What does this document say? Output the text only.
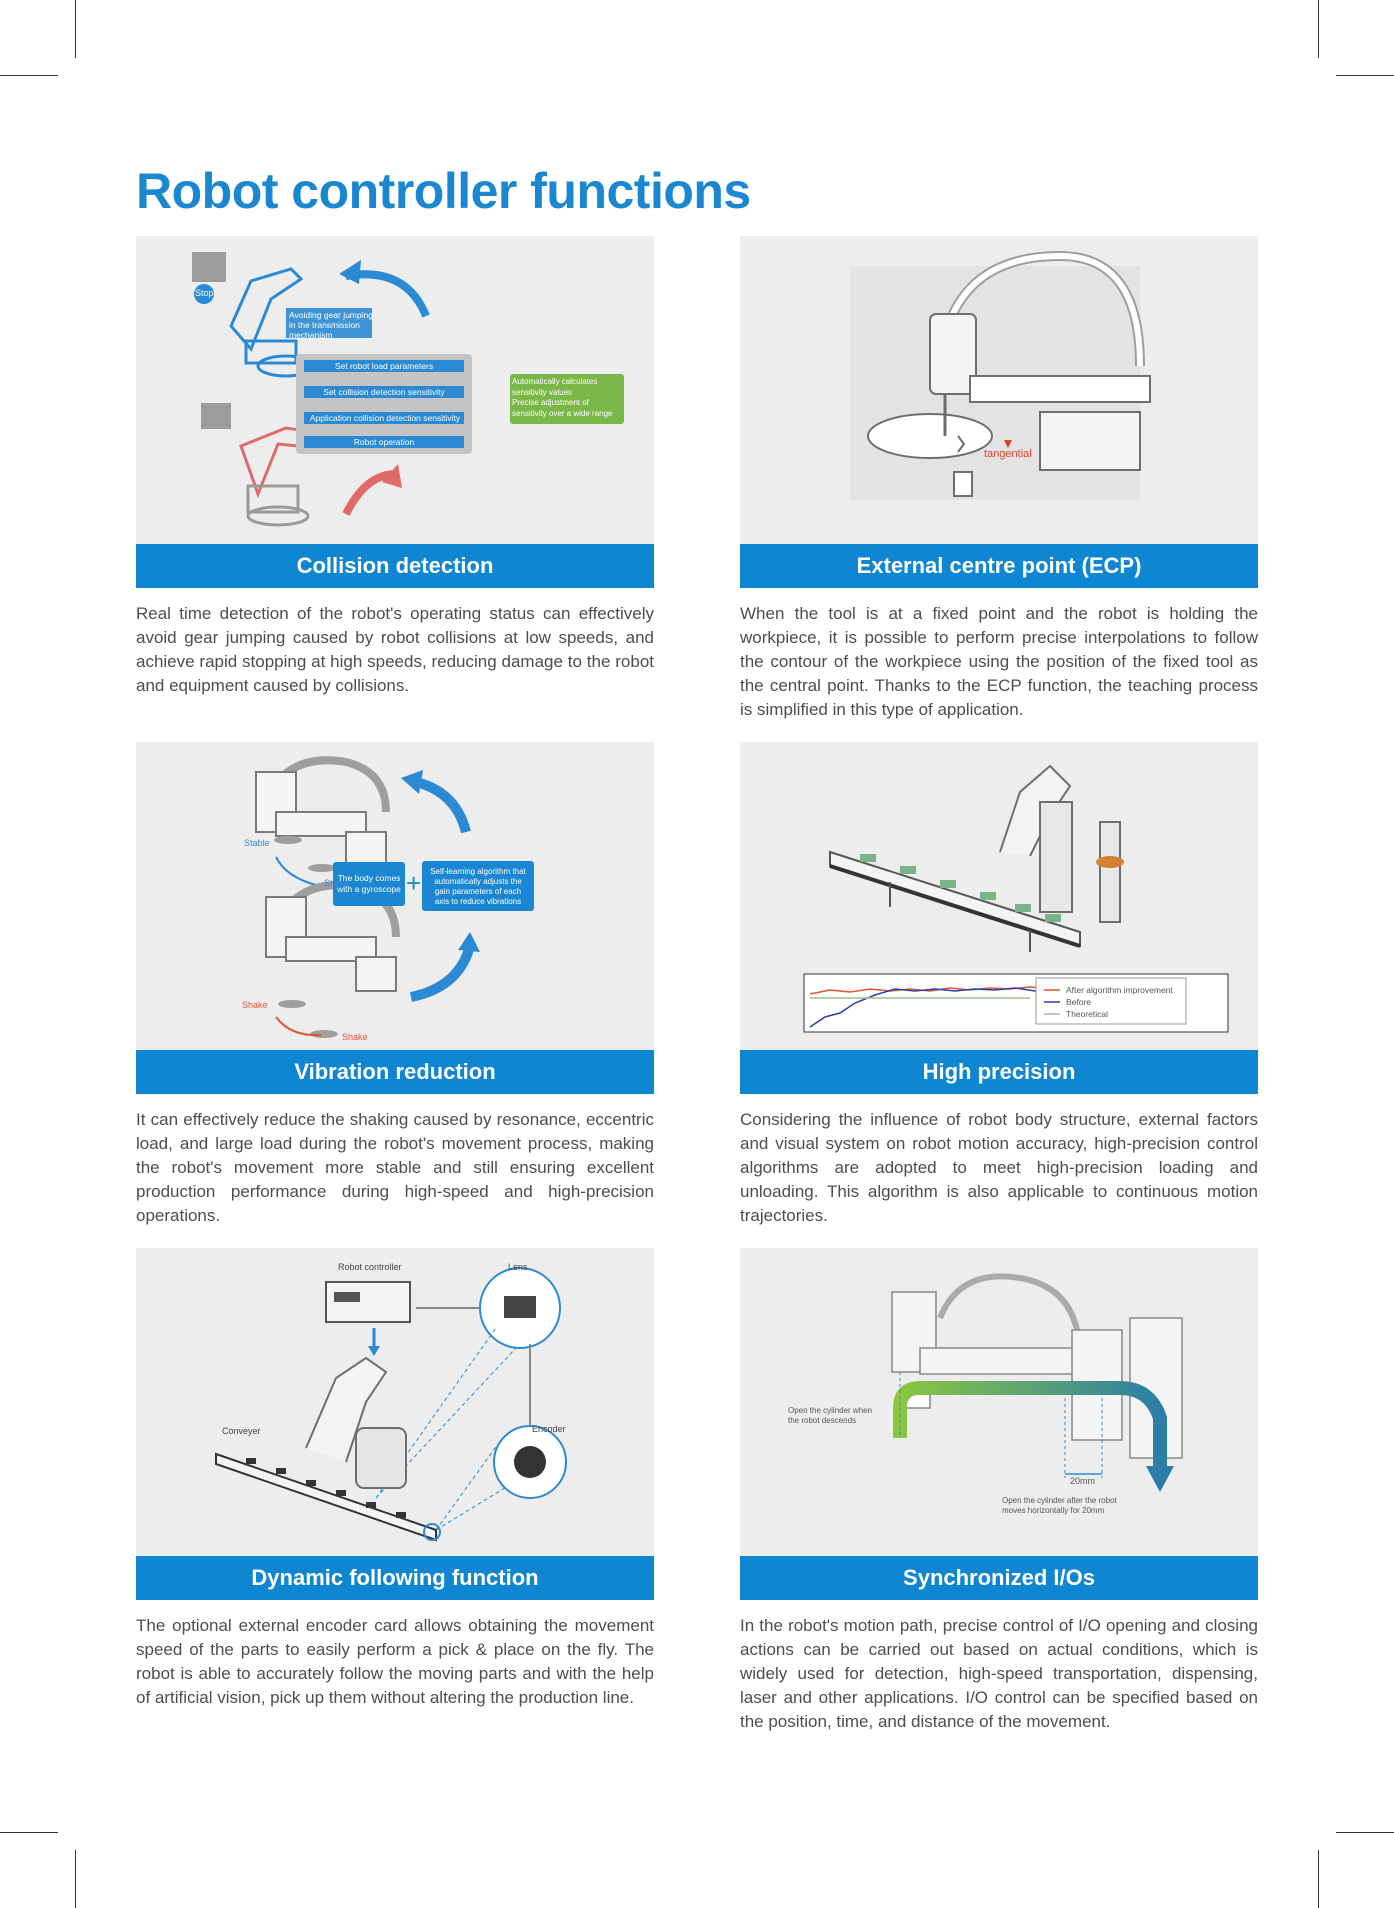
Robot controller functions
Stop
Avoiding gear jumping
in the transmission
mechanism
Set robot load parameters
Set collision detection sensitivity
Application collision detection sensitivity
Robot operation
Automatically calculates
sensitivity values
Precise adjustment of
sensitivity over a wide range
Collision detection
Real time detection of the robot's operating status can effectively avoid gear jumping caused by robot collisions at low speeds, and achieve rapid stopping at high speeds, reducing damage to the robot and equipment caused by collisions.
tangential
External centre point (ECP)
When the tool is at a fixed point and the robot is holding the workpiece, it is possible to perform precise interpolations to follow the contour of the workpiece using the position of the fixed tool as the central point. Thanks to the ECP function, the teaching process is simplified in this type of application.
Stable
Stable
Shake
Shake
The body comes
with a gyroscope +	Self-learning algorithm that
automatically adjusts the
gain parameters of each
axis to reduce vibrations
Vibration reduction
It can effectively reduce the shaking caused by resonance, eccentric load, and large load during the robot's movement process, making the robot's movement more stable and still ensuring excellent production performance during high-speed and high-precision operations.
After algorithm improvement
Before
Theoretical
High precision
Considering the influence of robot body structure, external factors and visual system on robot motion accuracy, high-precision control algorithms are adopted to meet high-precision loading and unloading. This algorithm is also applicable to continuous motion trajectories.
Robot controller	Lens
Conveyer	Encoder
Dynamic following function
The optional external encoder card allows obtaining the movement speed of the parts to easily perform a pick & place on the fly. The robot is able to accurately follow the moving parts and with the help of artificial vision, pick up them without altering the production line.
Open the cylinder when
the robot descends
Open the cylinder after the robot
moves horizontally for 20mm
20mm
Synchronized I/Os
In the robot's motion path, precise control of I/O opening and closing actions can be carried out based on actual conditions, which is widely used for detection, high-speed transportation, dispensing, laser and other applications. I/O control can be specified based on the position, time, and distance of the movement.
